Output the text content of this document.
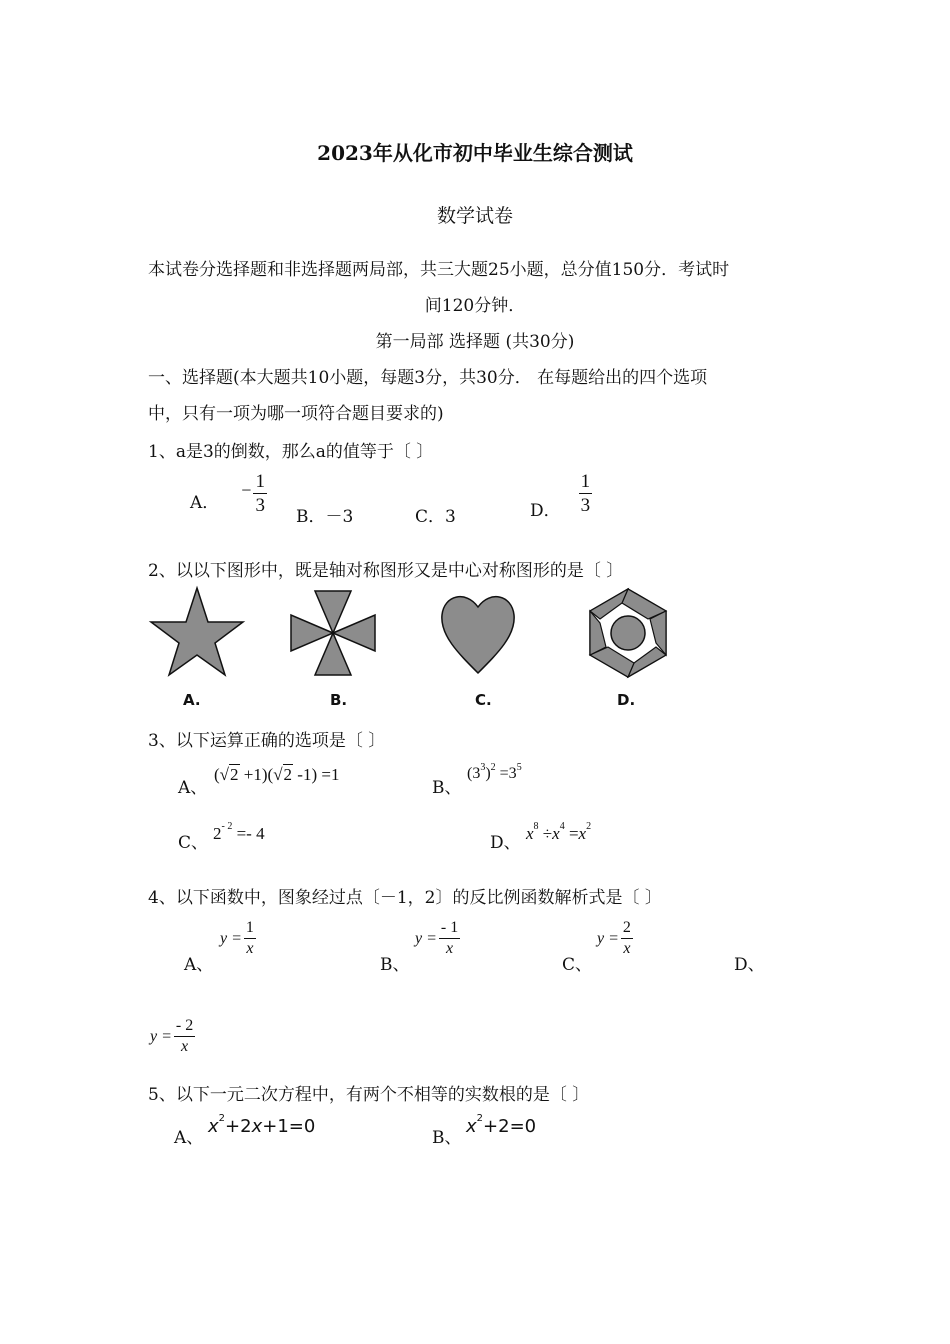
2023年从化市初中毕业生综合测试
数学试卷
本试卷分选择题和非选择题两局部，共三大题25小题，总分值150分．考试时
间120分钟．
第一局部 选择题 (共30分)
一、选择题(本大题共10小题，每题3分，共30分． 在每题给出的四个选项
中，只有一项为哪一项符合题目要求的)
1、a是3的倒数，那么a的值等于〔 〕
A．
− $\frac{1}{3}$
B．－3	C．3	D． $\frac{1}{3}$
2、以以下图形中，既是轴对称图形又是中心对称图形的是〔 〕
A.	B.	C.	D.
3、以下运算正确的选项是〔 〕
A、
(√2 +1)(√2 -1) =1
B、
$(3^3)^2 =3^5$
C、 $2^{- 2} =- 4$	D、 $x^8 \div x^4 =x^2$
4、以下函数中，图象经过点〔－1，2〕的反比例函数解析式是〔 〕
A、
$y = \frac{1}{x}$
B、
$y = \frac{- 1}{x}$
C、
$y = \frac{2}{x}$
D、
$y = \frac{- 2}{x}$
5、以下一元二次方程中，有两个不相等的实数根的是〔 〕
A、
$x^2+2x+1=0$
B、
$x^2+2=0$
